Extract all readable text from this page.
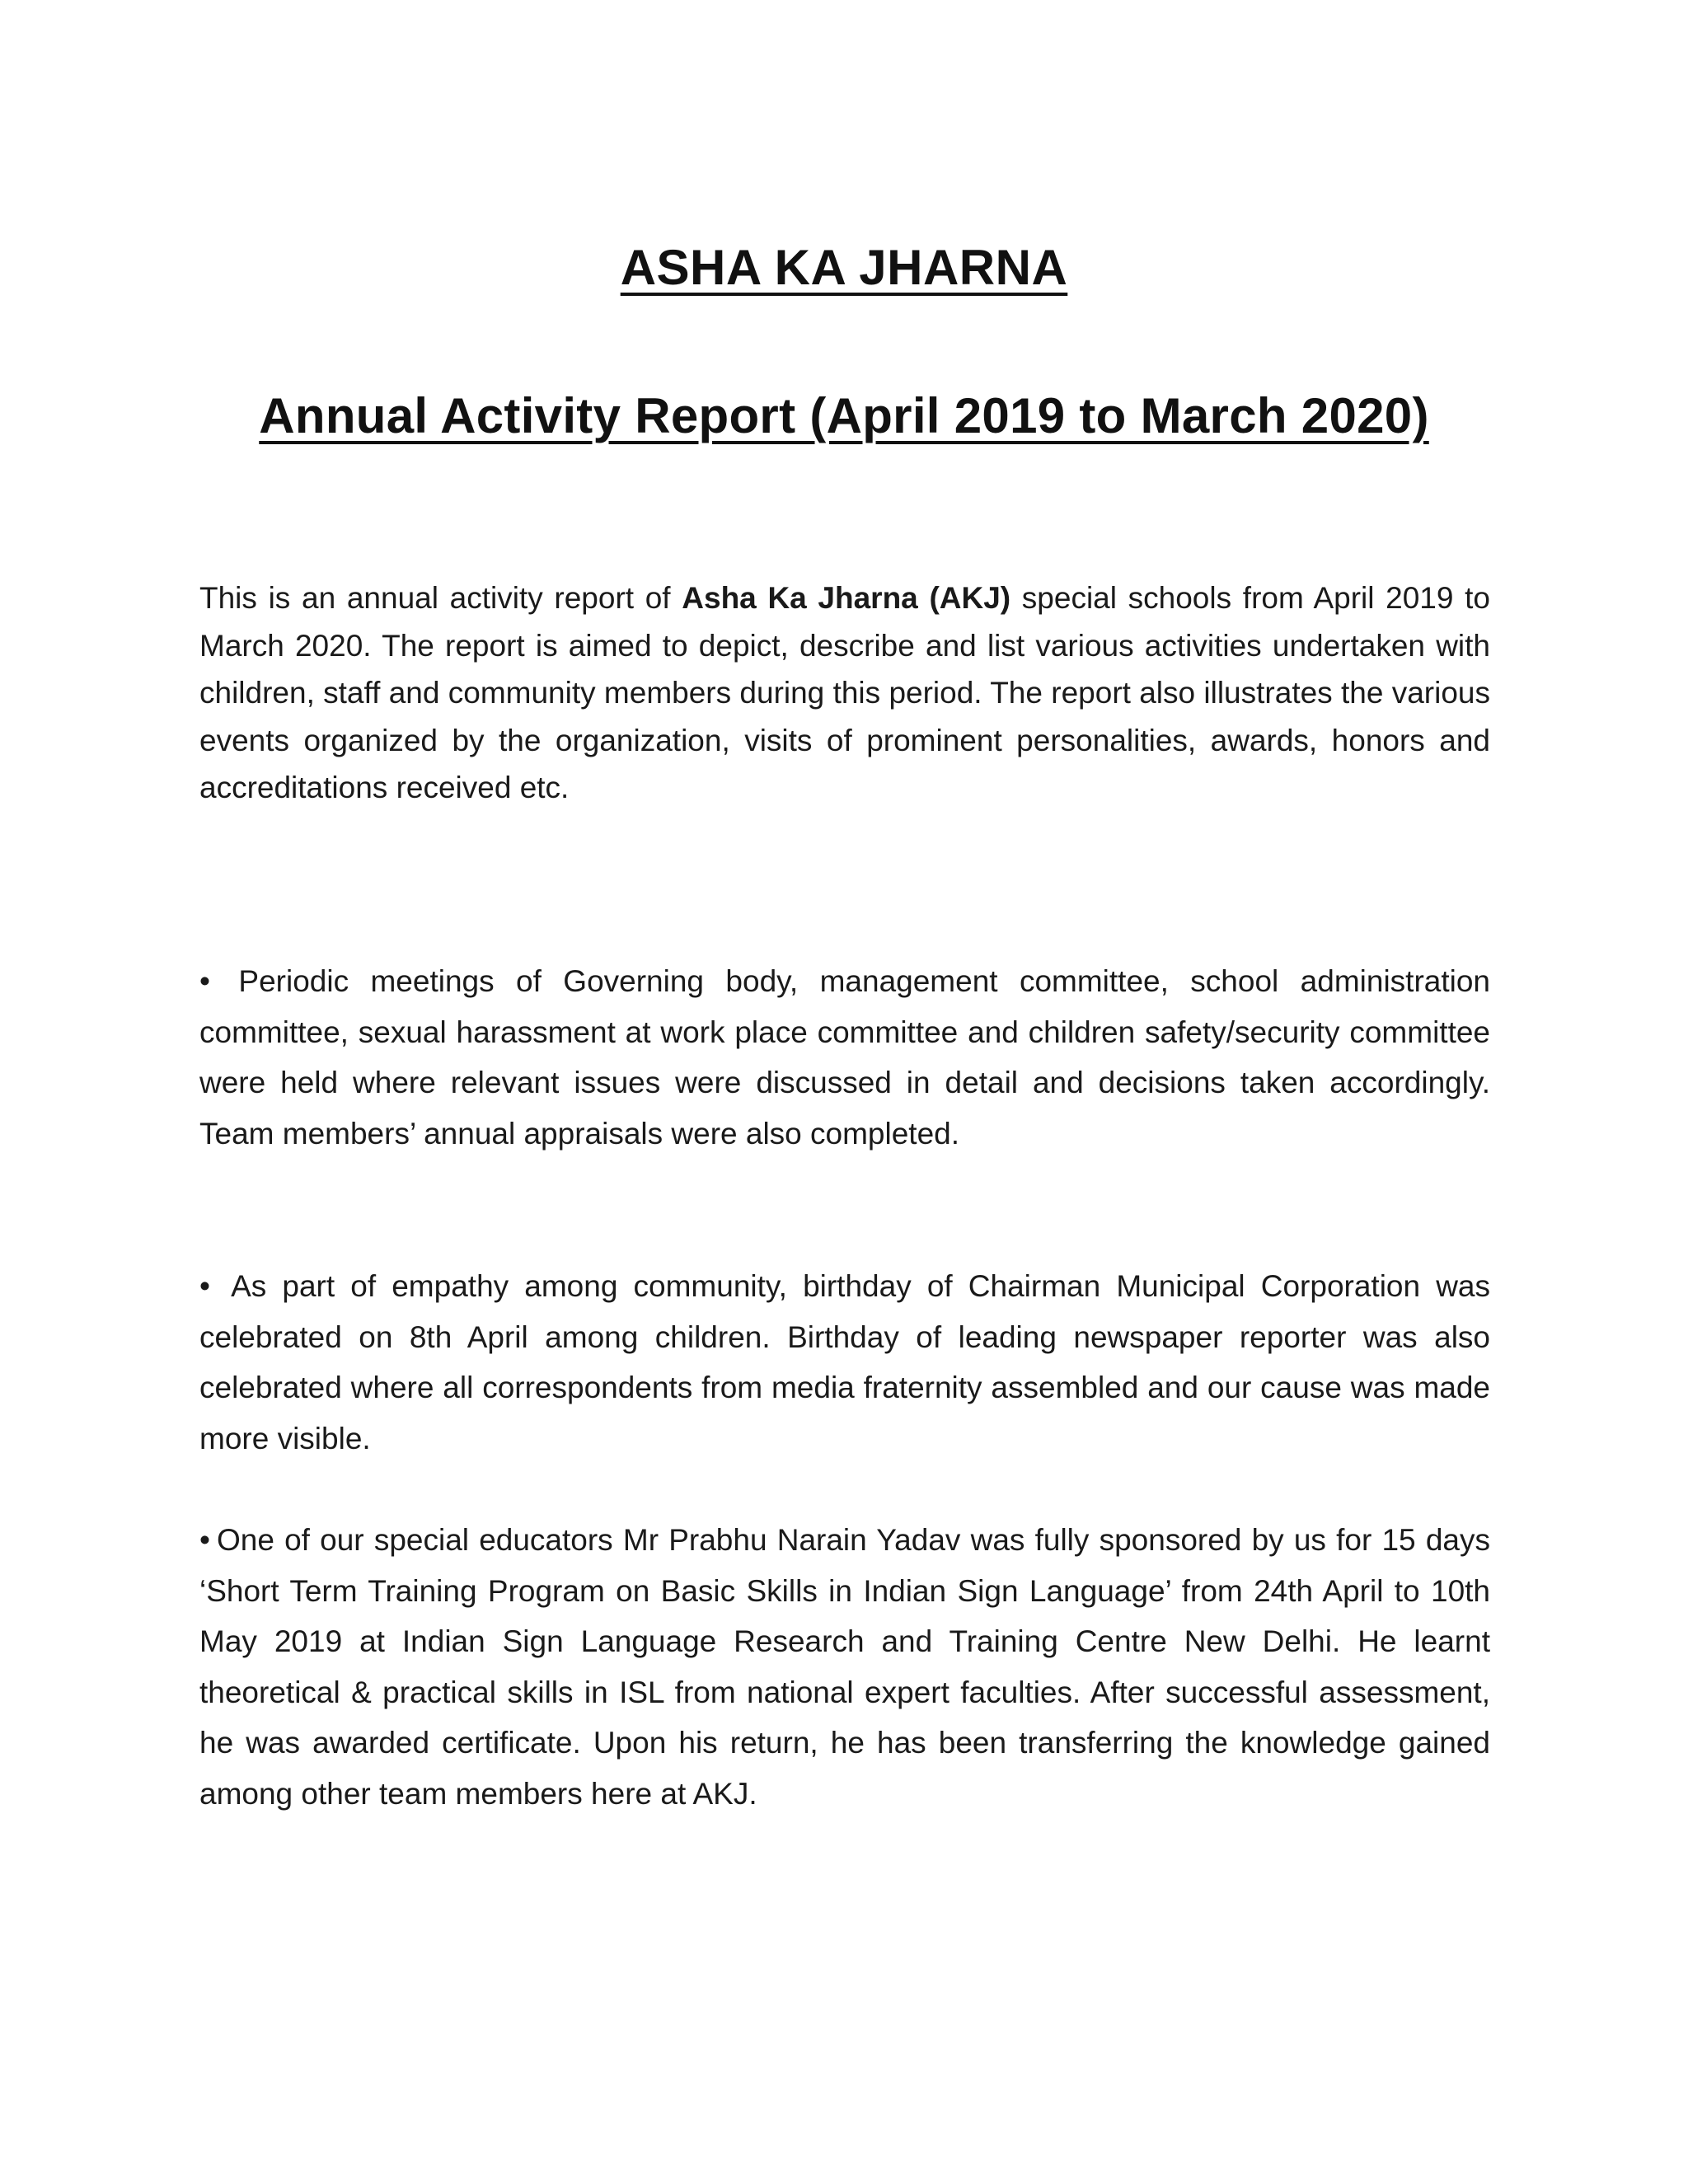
ASHA KA JHARNA
Annual Activity Report (April 2019 to March 2020)

This is an annual activity report of Asha Ka Jharna (AKJ) special schools from April 2019 to March 2020. The report is aimed to depict, describe and list various activities undertaken with children, staff and community members during this period. The report also illustrates the various events organized by the organization, visits of prominent personalities, awards, honors and accreditations received etc.

• Periodic meetings of Governing body, management committee, school administration committee, sexual harassment at work place committee and children safety/security committee were held where relevant issues were discussed in detail and decisions taken accordingly. Team members’ annual appraisals were also completed.

• As part of empathy among community, birthday of Chairman Municipal Corporation was celebrated on 8th April among children. Birthday of leading newspaper reporter was also celebrated where all correspondents from media fraternity assembled and our cause was made more visible.

• One of our special educators Mr Prabhu Narain Yadav was fully sponsored by us for 15 days ‘Short Term Training Program on Basic Skills in Indian Sign Language’ from 24th April to 10th May 2019 at Indian Sign Language Research and Training Centre New Delhi. He learnt theoretical & practical skills in ISL from national expert faculties. After successful assessment, he was awarded certificate. Upon his return, he has been transferring the knowledge gained among other team members here at AKJ.
